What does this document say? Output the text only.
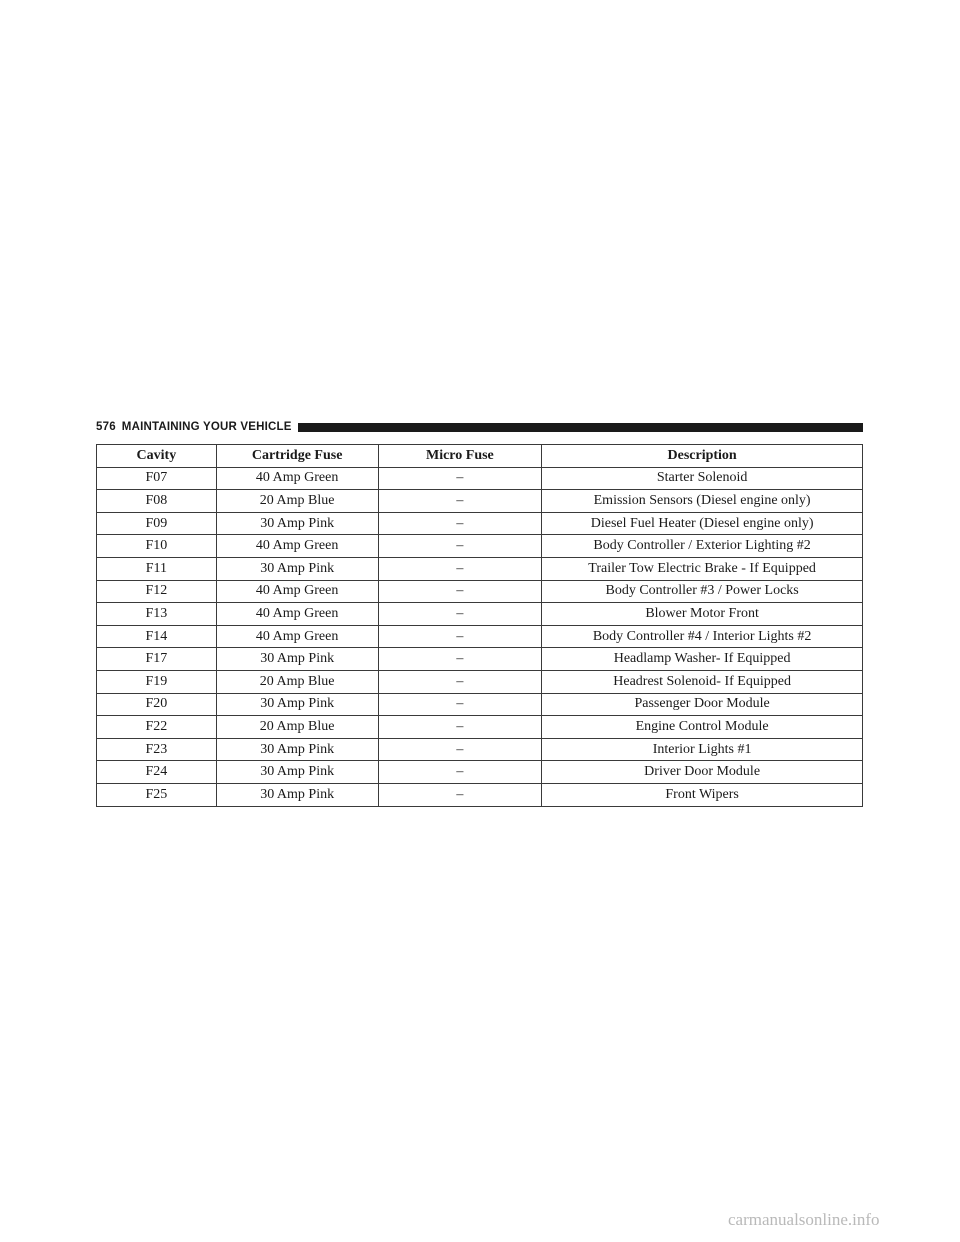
576 MAINTAINING YOUR VEHICLE
Cavity	Cartridge Fuse	Micro Fuse	Description
F07	40 Amp Green	–	Starter Solenoid
F08	20 Amp Blue	–	Emission Sensors (Diesel engine only)
F09	30 Amp Pink	–	Diesel Fuel Heater (Diesel engine only)
F10	40 Amp Green	–	Body Controller / Exterior Lighting #2
F11	30 Amp Pink	–	Trailer Tow Electric Brake - If Equipped
F12	40 Amp Green	–	Body Controller #3 / Power Locks
F13	40 Amp Green	–	Blower Motor Front
F14	40 Amp Green	–	Body Controller #4 / Interior Lights #2
F17	30 Amp Pink	–	Headlamp Washer- If Equipped
F19	20 Amp Blue	–	Headrest Solenoid- If Equipped
F20	30 Amp Pink	–	Passenger Door Module
F22	20 Amp Blue	–	Engine Control Module
F23	30 Amp Pink	–	Interior Lights #1
F24	30 Amp Pink	–	Driver Door Module
F25	30 Amp Pink	–	Front Wipers
carmanualsonline.info
